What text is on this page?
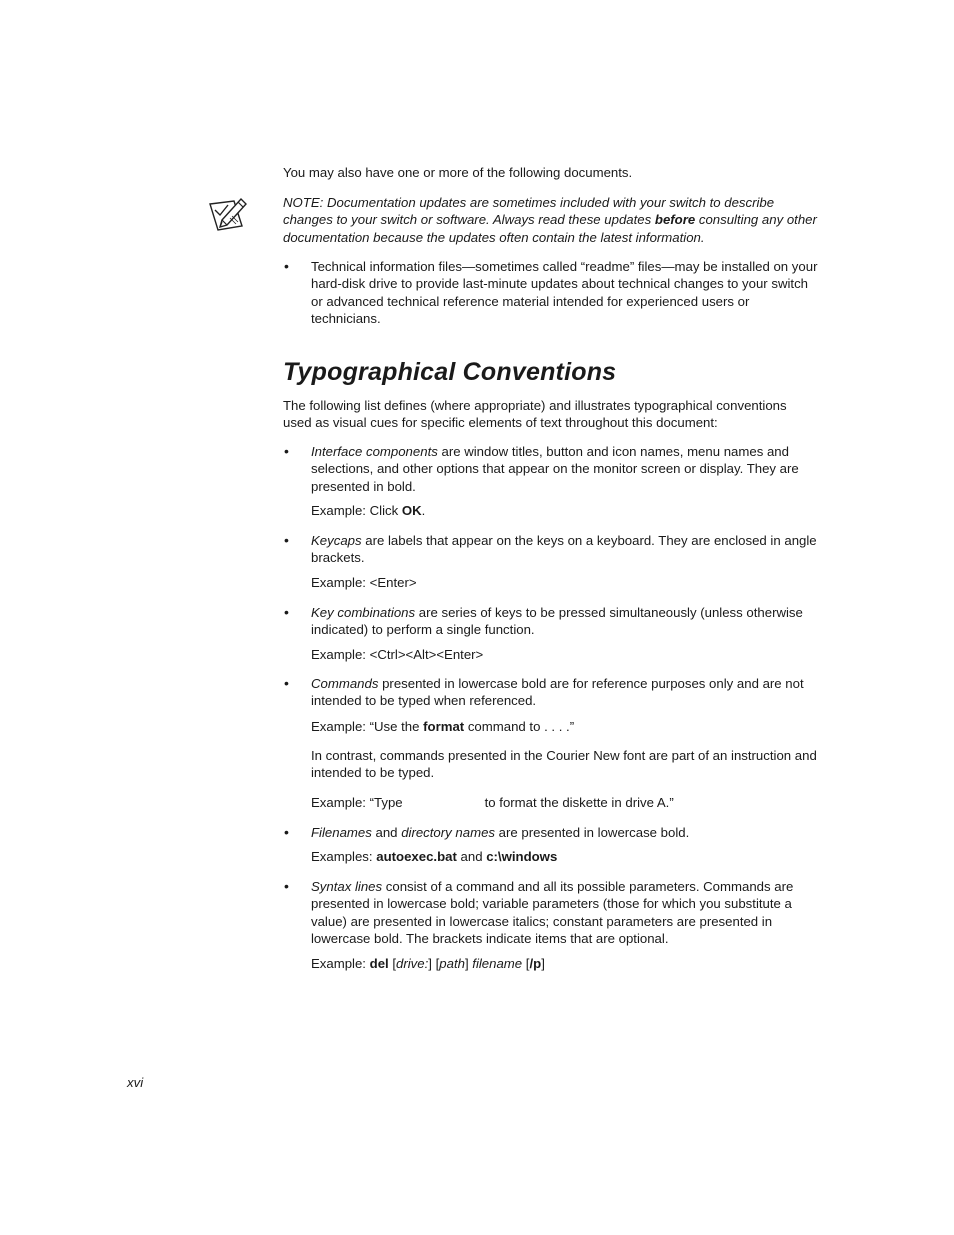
You may also have one or more of the following documents.
NOTE: Documentation updates are sometimes included with your switch to describe changes to your switch or software. Always read these updates before consulting any other documentation because the updates often contain the latest information.
• Technical information files—sometimes called “readme” files—may be installed on your hard-disk drive to provide last-minute updates about technical changes to your switch or advanced technical reference material intended for experienced users or technicians.
Typographical Conventions
The following list defines (where appropriate) and illustrates typographical conventions used as visual cues for specific elements of text throughout this document:
• Interface components are window titles, button and icon names, menu names and selections, and other options that appear on the monitor screen or display. They are presented in bold.
Example: Click OK.
• Keycaps are labels that appear on the keys on a keyboard. They are enclosed in angle brackets.
Example: <Enter>
• Key combinations are series of keys to be pressed simultaneously (unless otherwise indicated) to perform a single function.
Example: <Ctrl><Alt><Enter>
• Commands presented in lowercase bold are for reference purposes only and are not intended to be typed when referenced.
Example: “Use the format command to . . . .”
In contrast, commands presented in the Courier New font are part of an instruction and intended to be typed.
Example: “Type	to format the diskette in drive A.”
• Filenames and directory names are presented in lowercase bold.
Examples: autoexec.bat and c:\windows
• Syntax lines consist of a command and all its possible parameters. Commands are presented in lowercase bold; variable parameters (those for which you substitute a value) are presented in lowercase italics; constant parameters are presented in lowercase bold. The brackets indicate items that are optional.
Example: del [drive:] [path] filename [/p]
xvi
